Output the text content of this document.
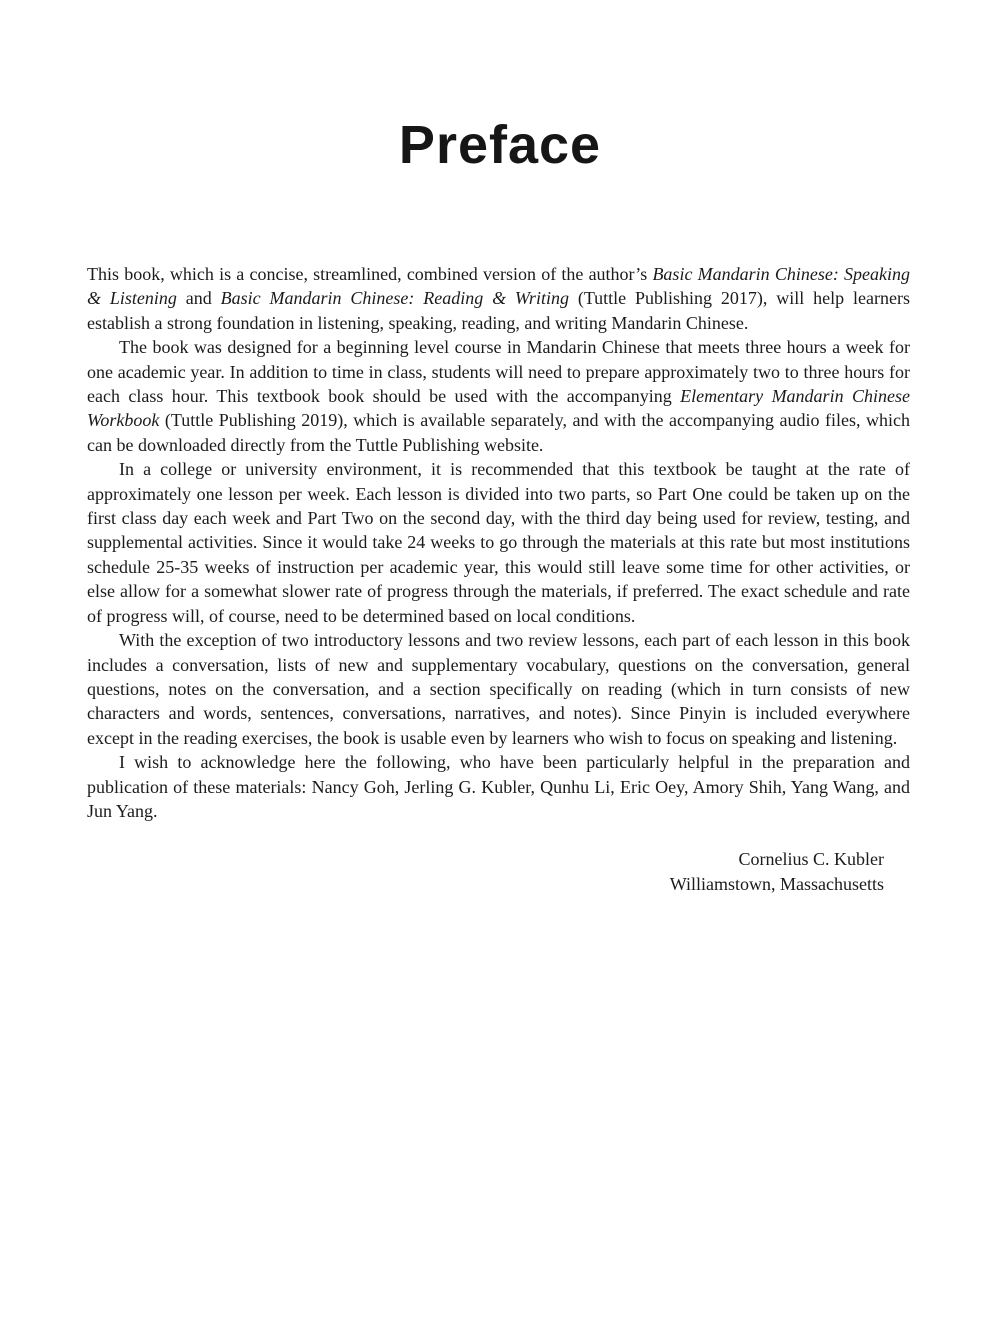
Preface

This book, which is a concise, streamlined, combined version of the author’s Basic Mandarin Chinese: Speaking & Listening and Basic Mandarin Chinese: Reading & Writing (Tuttle Publishing 2017), will help learners establish a strong foundation in listening, speaking, reading, and writing Mandarin Chinese.

The book was designed for a beginning level course in Mandarin Chinese that meets three hours a week for one academic year. In addition to time in class, students will need to prepare approximately two to three hours for each class hour. This textbook book should be used with the accompanying Elementary Mandarin Chinese Workbook (Tuttle Publishing 2019), which is available separately, and with the accompanying audio files, which can be downloaded directly from the Tuttle Publishing website.

In a college or university environment, it is recommended that this textbook be taught at the rate of approximately one lesson per week. Each lesson is divided into two parts, so Part One could be taken up on the first class day each week and Part Two on the second day, with the third day being used for review, testing, and supplemental activities. Since it would take 24 weeks to go through the materials at this rate but most institutions schedule 25-35 weeks of instruction per academic year, this would still leave some time for other activities, or else allow for a somewhat slower rate of progress through the materials, if preferred. The exact schedule and rate of progress will, of course, need to be determined based on local conditions.

With the exception of two introductory lessons and two review lessons, each part of each lesson in this book includes a conversation, lists of new and supplementary vocabulary, questions on the conversation, general questions, notes on the conversation, and a section specifically on reading (which in turn consists of new characters and words, sentences, conversations, narratives, and notes). Since Pinyin is included everywhere except in the reading exercises, the book is usable even by learners who wish to focus on speaking and listening.

I wish to acknowledge here the following, who have been particularly helpful in the preparation and publication of these materials: Nancy Goh, Jerling G. Kubler, Qunhu Li, Eric Oey, Amory Shih, Yang Wang, and Jun Yang.

Cornelius C. Kubler
Williamstown, Massachusetts
